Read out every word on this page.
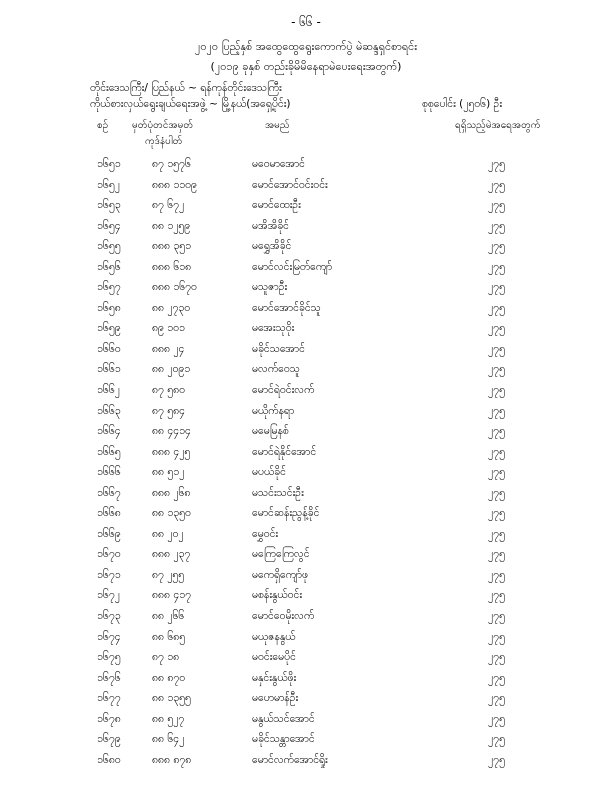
- ၆၆ -
၂၀၂၀ ပြည့်နှစ် အထွေထွေရွေးကောက်ပွဲ မဲဆန္ဒရှင်စာရင်း
(၂၀၁၉ ခုနှစ် တည်းခိုမိမိနေရာမဲပေးရေးအတွက်)
တိုင်းဒေသကြီး/ ပြည်နယ် ~ ရန်ကုန်တိုင်းဒေသကြီး
ကိုယ်စားလှယ်ရွေးချယ်ရေးအဖွဲ့ ~ မြို့နယ်(အရှေ့ပိုင်း)	စုစုပေါင်း (၂၅၀၆) ဦး
စဉ် မှတ်ပုံတင်အမှတ်
ကုဒ်နံပါတ်
အမည်	ရရှိသည့်မဲအရေအတွက်
၁၆၅၁	၈၇ ၁၅၇၆	မဝေမာအောင်	၂၇၅
၁၆၅၂	၈၈၈ ၁၁၀၉	မောင်အောင်ဝင်းဝင်း	၂၇၅
၁၆၅၃	၈၇ ၆၇၂	မောင်ထေးဦး	၂၇၅
၁၆၅၄	၈၈ ၁၂၅၉	မအိအိခိုင်	၂၇၅
၁၆၅၅	၈၈၈ ၃၅၁	မရွှေအိခိုင်	၂၇၅
၁၆၅၆	၈၈၈ ၆၁၈	မောင်လင်းမြတ်ကျော်	၂၇၅
၁၆၅၇	၈၈၈ ၁၆၇၀	မသူဇာဦး	၂၇၅
၁၆၅၈	၈၈ ၂၇၃၀	မောင်အောင်ခိုင်သူ	၂၇၅
၁၆၅၉	၈၉ ၁၀၁	မအေးသုဝိုး	၂၇၅
၁၆၆၀	၈၈၈ ၂၄	မခိုင်သအောင်	၂၇၅
၁၆၆၁	၈၈ ၂၀၉၁	မလက်ဝေသူ	၂၇၅
၁၆၆၂	၈၇ ၅၈၀	မောင်ရဲဝင်းလက်	၂၇၅
၁၆၆၃	၈၇ ၅၈၄	မယိုက်နရာ	၂၇၅
၁၆၆၄	၈၈ ၄၄၁၄	မမေမြနစ်	၂၇၅
၁၆၆၅	၈၈၈ ၄၂၅	မောင်ရဲနိုင်အောင်	၂၇၅
၁၆၆၆	၈၈ ၅၁၂	မပယ်ခိုင်	၂၇၅
၁၆၆၇	၈၈၈ ၂၆၈	မသင်းသင်းဦး	၂၇၅
၁၆၆၈	၈၈ ၁၃၅၀	မောင်ဆန်းညွန့်ခိုင်	၂၇၅
၁၆၆၉	၈၈ ၂၀၂	မွှေဝင်း	၂၇၅
၁၆၇၀	၈၈၈ ၂၃၇	မကြေကြေလွင်	၂၇၅
၁၆၇၁	၈၇ ၂၅၅	မကေရှိကျော်ဖု	၂၇၅
၁၆၇၂	၈၈၈ ၄၁၇	မစန်းနွယ်ဝင်း	၂၇၅
၁၆၇၃	၈၈ ၂၆၆	မောင်ဝေမိုးလက်	၂၇၅
၁၆၇၄	၈၈ ၆၈၅	မယုဇနနွယ်	၂၇၅
၁၆၇၅	၈၇ ၁၈	မဝင်းမေပိုင်	၂၇၅
၁၆၇၆	၈၈ ၈၇၀	မနှင်းနွယ်ဖိုး	၂၇၅
၁၆၇၇	၈၈ ၁၃၅၅	မဟေမာန်ဦး	၂၇၅
၁၆၇၈	၈၈ ၅၂၇	မနွယ်သင်အောင်	၂၇၅
၁၆၇၉	၈၈ ၆၄၂	မခိုင်သန္တာအောင်	၂၇၅
၁၆၈၀	၈၈၈ ၈၇၈	မောင်လက်အောင်ရှိုး	၂၇၅
